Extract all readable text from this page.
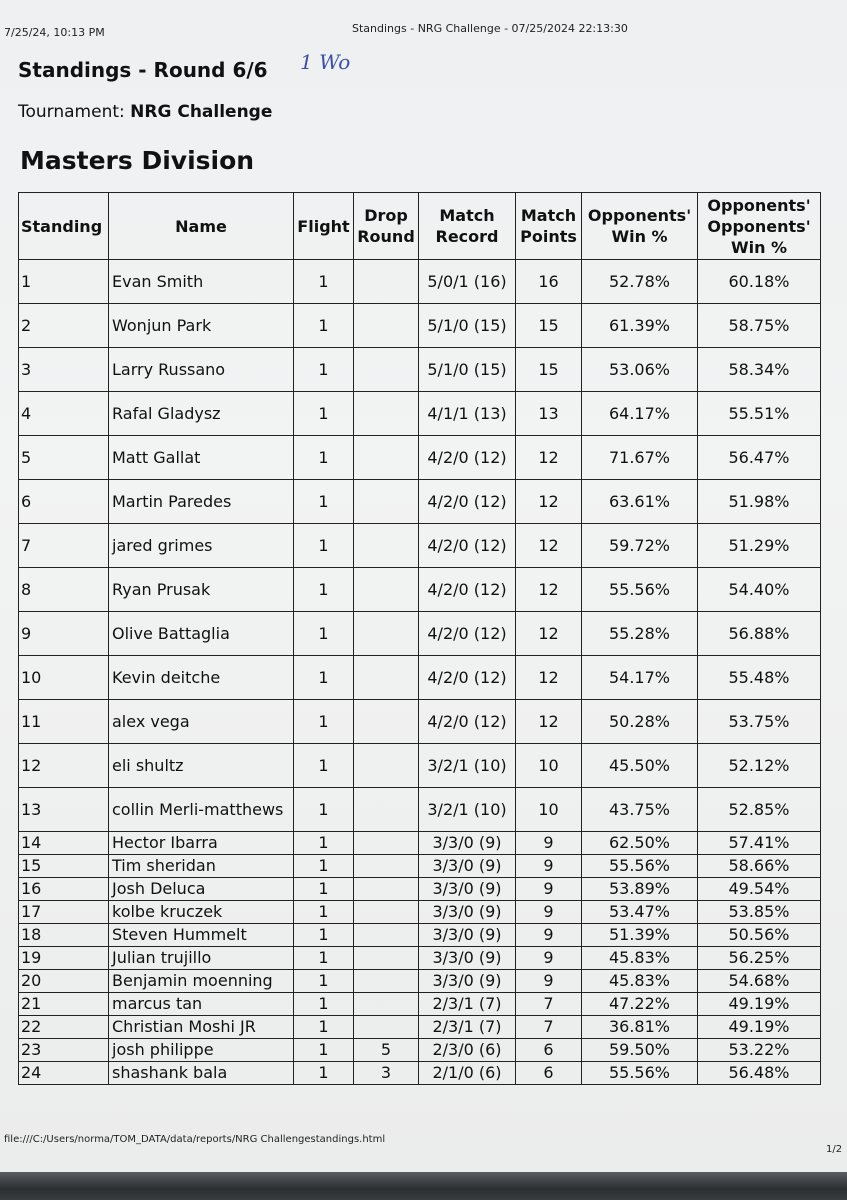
7/25/24, 10:13 PM	Standings - NRG Challenge - 07/25/2024 22:13:30
Standings - Round 6/6 1 Wo
Tournament: NRG Challenge
Masters Division
Standing	Name	Flight	Drop Round	Match Record	Match Points	Opponents' Win %	Opponents' Opponents' Win %
1	Evan Smith	1		5/0/1 (16)	16	52.78%	60.18%
2	Wonjun Park	1		5/1/0 (15)	15	61.39%	58.75%
3	Larry Russano	1		5/1/0 (15)	15	53.06%	58.34%
4	Rafal Gladysz	1		4/1/1 (13)	13	64.17%	55.51%
5	Matt Gallat	1		4/2/0 (12)	12	71.67%	56.47%
6	Martin Paredes	1		4/2/0 (12)	12	63.61%	51.98%
7	jared grimes	1		4/2/0 (12)	12	59.72%	51.29%
8	Ryan Prusak	1		4/2/0 (12)	12	55.56%	54.40%
9	Olive Battaglia	1		4/2/0 (12)	12	55.28%	56.88%
10	Kevin deitche	1		4/2/0 (12)	12	54.17%	55.48%
11	alex vega	1		4/2/0 (12)	12	50.28%	53.75%
12	eli shultz	1		3/2/1 (10)	10	45.50%	52.12%
13	collin Merli-matthews	1		3/2/1 (10)	10	43.75%	52.85%
14	Hector Ibarra	1		3/3/0 (9)	9	62.50%	57.41%
15	Tim sheridan	1		3/3/0 (9)	9	55.56%	58.66%
16	Josh Deluca	1		3/3/0 (9)	9	53.89%	49.54%
17	kolbe kruczek	1		3/3/0 (9)	9	53.47%	53.85%
18	Steven Hummelt	1		3/3/0 (9)	9	51.39%	50.56%
19	Julian trujillo	1		3/3/0 (9)	9	45.83%	56.25%
20	Benjamin moenning	1		3/3/0 (9)	9	45.83%	54.68%
21	marcus tan	1		2/3/1 (7)	7	47.22%	49.19%
22	Christian Moshi JR	1		2/3/1 (7)	7	36.81%	49.19%
23	josh philippe	1	5	2/3/0 (6)	6	59.50%	53.22%
24	shashank bala	1	3	2/1/0 (6)	6	55.56%	56.48%
file:///C:/Users/norma/TOM_DATA/data/reports/NRG Challengestandings.html
1/2
